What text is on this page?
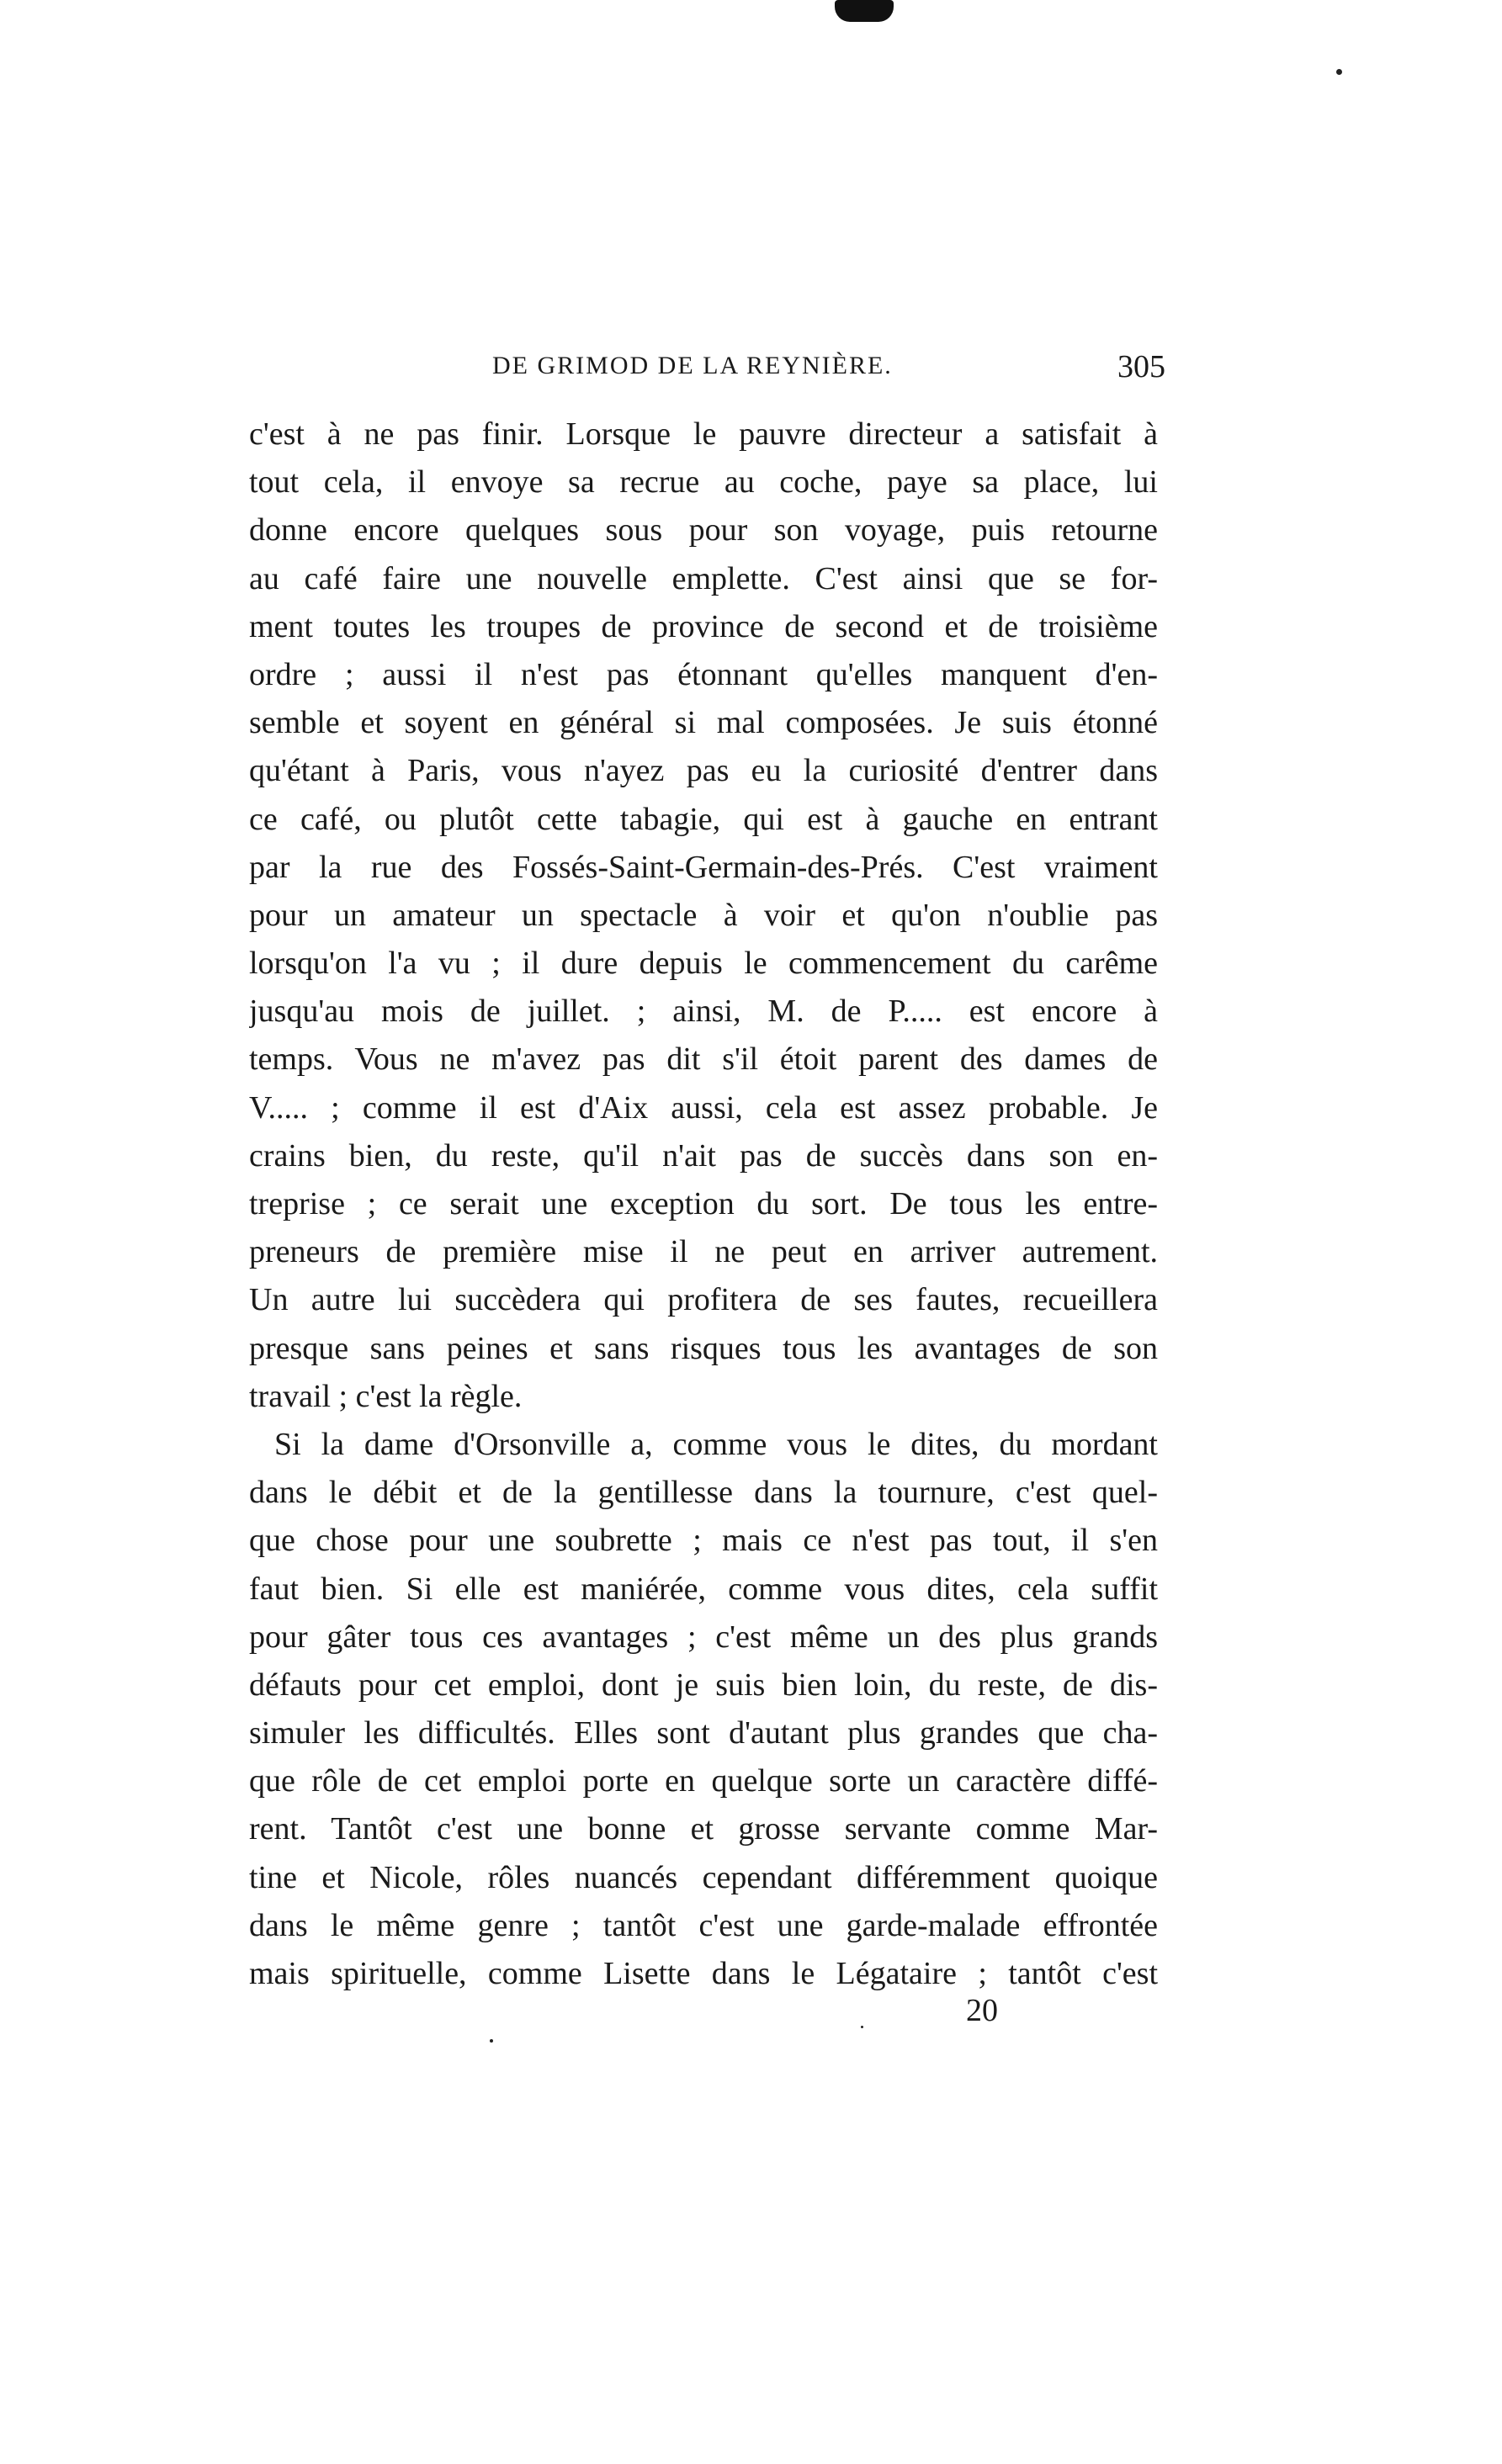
DE GRIMOD DE LA REYNIÈRE.	305
c'est à ne pas finir. Lorsque le pauvre directeur a satisfait à
tout cela, il envoye sa recrue au coche, paye sa place, lui
donne encore quelques sous pour son voyage, puis retourne
au café faire une nouvelle emplette. C'est ainsi que se for-
ment toutes les troupes de province de second et de troisième
ordre ; aussi il n'est pas étonnant qu'elles manquent d'en-
semble et soyent en général si mal composées. Je suis étonné
qu'étant à Paris, vous n'ayez pas eu la curiosité d'entrer dans
ce café, ou plutôt cette tabagie, qui est à gauche en entrant
par la rue des Fossés-Saint-Germain-des-Prés. C'est vraiment
pour un amateur un spectacle à voir et qu'on n'oublie pas
lorsqu'on l'a vu ; il dure depuis le commencement du carême
jusqu'au mois de juillet. ; ainsi, M. de P..... est encore à
temps. Vous ne m'avez pas dit s'il étoit parent des dames de
V..... ; comme il est d'Aix aussi, cela est assez probable. Je
crains bien, du reste, qu'il n'ait pas de succès dans son en-
treprise ; ce serait une exception du sort. De tous les entre-
preneurs de première mise il ne peut en arriver autrement.
Un autre lui succèdera qui profitera de ses fautes, recueillera
presque sans peines et sans risques tous les avantages de son
travail ; c'est la règle.
Si la dame d'Orsonville a, comme vous le dites, du mordant
dans le débit et de la gentillesse dans la tournure, c'est quel-
que chose pour une soubrette ; mais ce n'est pas tout, il s'en
faut bien. Si elle est maniérée, comme vous dites, cela suffit
pour gâter tous ces avantages ; c'est même un des plus grands
défauts pour cet emploi, dont je suis bien loin, du reste, de dis-
simuler les difficultés. Elles sont d'autant plus grandes que cha-
que rôle de cet emploi porte en quelque sorte un caractère diffé-
rent. Tantôt c'est une bonne et grosse servante comme Mar-
tine et Nicole, rôles nuancés cependant différemment quoique
dans le même genre ; tantôt c'est une garde-malade effrontée
mais spirituelle, comme Lisette dans le Légataire ; tantôt c'est
20
